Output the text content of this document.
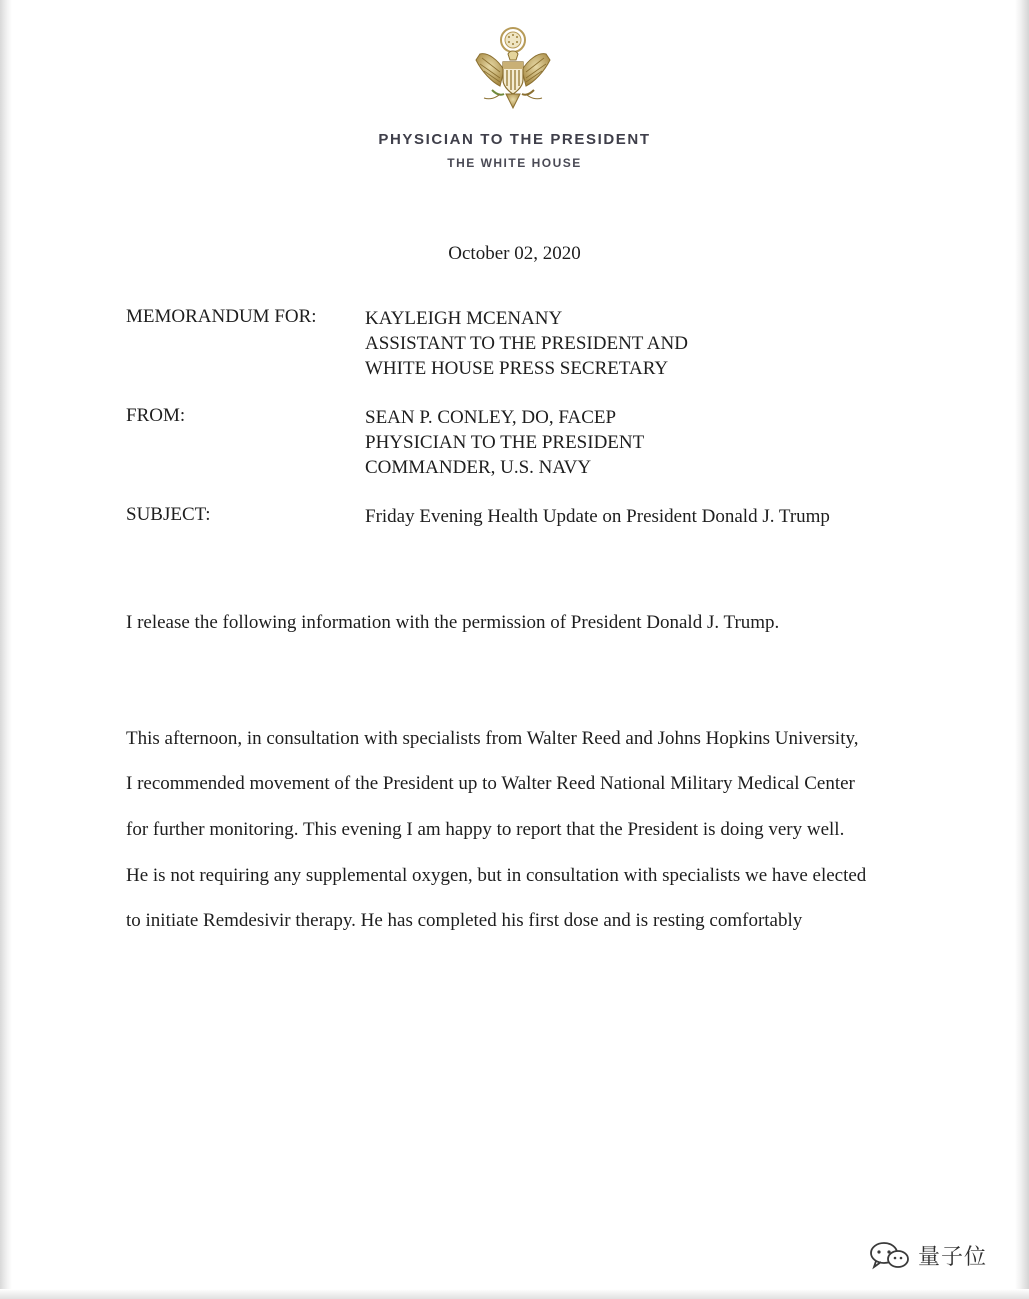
PHYSICIAN TO THE PRESIDENT
THE WHITE HOUSE
October 02, 2020
MEMORANDUM FOR:	KAYLEIGH MCENANY
ASSISTANT TO THE PRESIDENT AND
WHITE HOUSE PRESS SECRETARY
FROM:	SEAN P. CONLEY, DO, FACEP
PHYSICIAN TO THE PRESIDENT
COMMANDER, U.S. NAVY
SUBJECT:	Friday Evening Health Update on President Donald J. Trump
I release the following information with the permission of President Donald J. Trump.
This afternoon, in consultation with specialists from Walter Reed and Johns Hopkins University,
I recommended movement of the President up to Walter Reed National Military Medical Center
for further monitoring. This evening I am happy to report that the President is doing very well.
He is not requiring any supplemental oxygen, but in consultation with specialists we have elected
to initiate Remdesivir therapy. He has completed his first dose and is resting comfortably
量子位
